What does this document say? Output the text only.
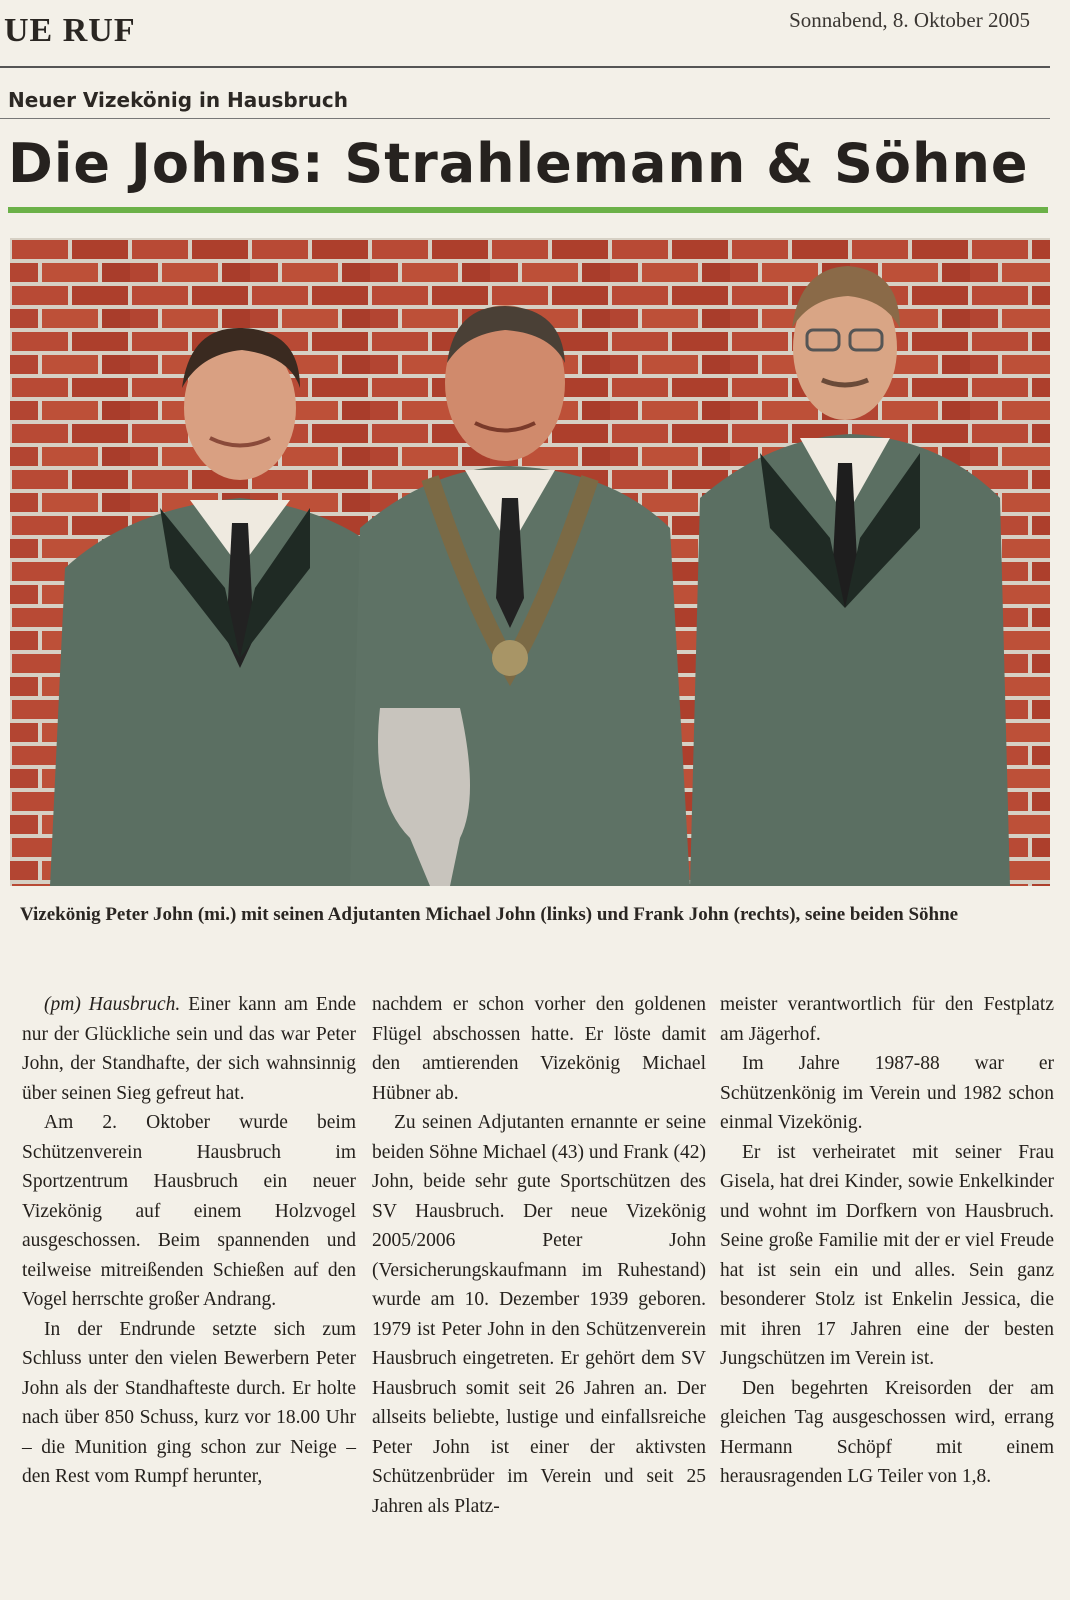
UE RUF	Sonnabend, 8. Oktober 2005
Neuer Vizekönig in Hausbruch
Die Johns: Strahlemann & Söhne
Vizekönig Peter John (mi.) mit seinen Adjutanten Michael John (links) und Frank John (rechts), seine beiden Söhne

(pm) Hausbruch. Einer kann am Ende nur der Glückliche sein und das war Peter John, der Standhafte, der sich wahnsinnig über seinen Sieg gefreut hat.

Am 2. Oktober wurde beim Schützenverein Hausbruch im Sportzentrum Hausbruch ein neuer Vizekönig auf einem Holzvogel ausgeschossen. Beim spannenden und teilweise mitreißenden Schießen auf den Vogel herrschte großer Andrang.

In der Endrunde setzte sich zum Schluss unter den vielen Bewerbern Peter John als der Standhafteste durch. Er holte nach über 850 Schuss, kurz vor 18.00 Uhr – die Munition ging schon zur Neige – den Rest vom Rumpf herunter,

nachdem er schon vorher den goldenen Flügel abschossen hatte. Er löste damit den amtierenden Vizekönig Michael Hübner ab.

Zu seinen Adjutanten ernannte er seine beiden Söhne Michael (43) und Frank (42) John, beide sehr gute Sportschützen des SV Hausbruch. Der neue Vizekönig 2005/2006 Peter John (Versicherungskaufmann im Ruhestand) wurde am 10. Dezember 1939 geboren. 1979 ist Peter John in den Schützenverein Hausbruch eingetreten. Er gehört dem SV Hausbruch somit seit 26 Jahren an. Der allseits beliebte, lustige und einfallsreiche Peter John ist einer der aktivsten Schützenbrüder im Verein und seit 25 Jahren als Platz-

meister verantwortlich für den Festplatz am Jägerhof.

Im Jahre 1987-88 war er Schützenkönig im Verein und 1982 schon einmal Vizekönig.

Er ist verheiratet mit seiner Frau Gisela, hat drei Kinder, sowie Enkelkinder und wohnt im Dorfkern von Hausbruch. Seine große Familie mit der er viel Freude hat ist sein ein und alles. Sein ganz besonderer Stolz ist Enkelin Jessica, die mit ihren 17 Jahren eine der besten Jungschützen im Verein ist.

Den begehrten Kreisorden der am gleichen Tag ausgeschossen wird, errang Hermann Schöpf mit einem herausragenden LG Teiler von 1,8.
